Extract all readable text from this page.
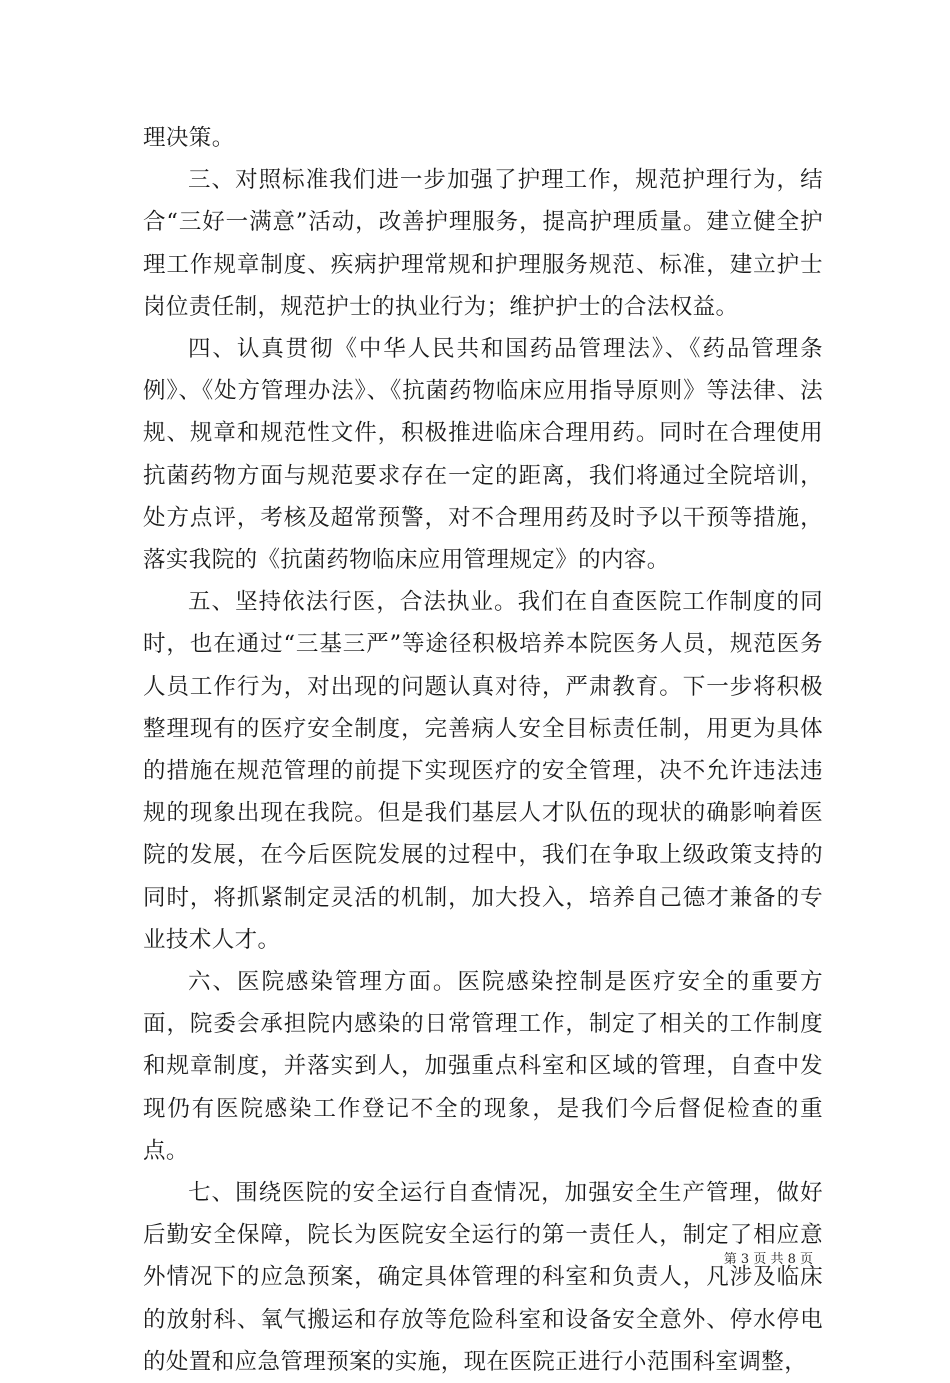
理决策。

三、对照标准我们进一步加强了护理工作，规范护理行为，结合“三好一满意”活动，改善护理服务，提高护理质量。建立健全护理工作规章制度、疾病护理常规和护理服务规范、标准，建立护士岗位责任制，规范护士的执业行为；维护护士的合法权益。

四、认真贯彻《中华人民共和国药品管理法》、《药品管理条例》、《处方管理办法》、《抗菌药物临床应用指导原则》等法律、法规、规章和规范性文件，积极推进临床合理用药。同时在合理使用抗菌药物方面与规范要求存在一定的距离，我们将通过全院培训，处方点评，考核及超常预警，对不合理用药及时予以干预等措施，落实我院的《抗菌药物临床应用管理规定》的内容。

五、坚持依法行医，合法执业。我们在自查医院工作制度的同时，也在通过“三基三严”等途径积极培养本院医务人员，规范医务人员工作行为，对出现的问题认真对待，严肃教育。下一步将积极整理现有的医疗安全制度，完善病人安全目标责任制，用更为具体的措施在规范管理的前提下实现医疗的安全管理，决不允许违法违规的现象出现在我院。但是我们基层人才队伍的现状的确影响着医院的发展，在今后医院发展的过程中，我们在争取上级政策支持的同时，将抓紧制定灵活的机制，加大投入，培养自己德才兼备的专业技术人才。

六、医院感染管理方面。医院感染控制是医疗安全的重要方面，院委会承担院内感染的日常管理工作，制定了相关的工作制度和规章制度，并落实到人，加强重点科室和区域的管理，自查中发现仍有医院感染工作登记不全的现象，是我们今后督促检查的重点。

七、围绕医院的安全运行自查情况，加强安全生产管理，做好后勤安全保障，院长为医院安全运行的第一责任人，制定了相应意外情况下的应急预案，确定具体管理的科室和负责人，凡涉及临床的放射科、氧气搬运和存放等危险科室和设备安全意外、停水停电的处置和应急管理预案的实施，现在医院正进行小范围科室调整，

第 3 页 共 8 页
